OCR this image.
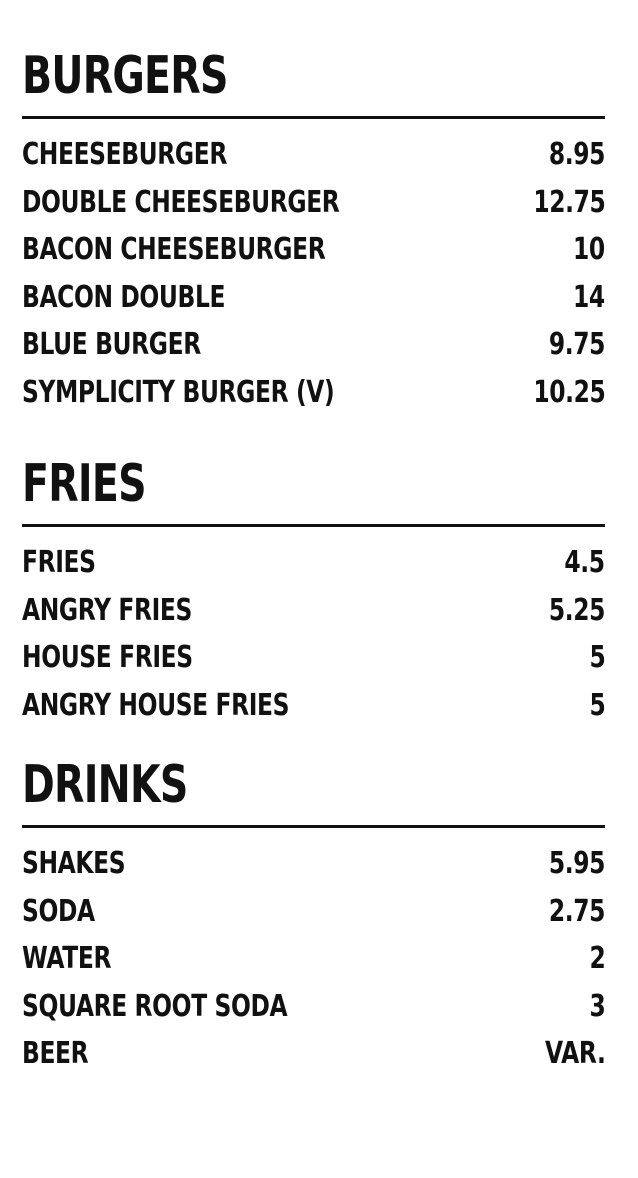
BURGERS
CHEESEBURGER	8.95
DOUBLE CHEESEBURGER	12.75
BACON CHEESEBURGER	10
BACON DOUBLE	14
BLUE BURGER	9.75
SYMPLICITY BURGER (V)	10.25
FRIES
FRIES	4.5
ANGRY FRIES	5.25
HOUSE FRIES	5
ANGRY HOUSE FRIES	5
DRINKS
SHAKES	5.95
SODA	2.75
WATER	2
SQUARE ROOT SODA	3
BEER	VAR.
